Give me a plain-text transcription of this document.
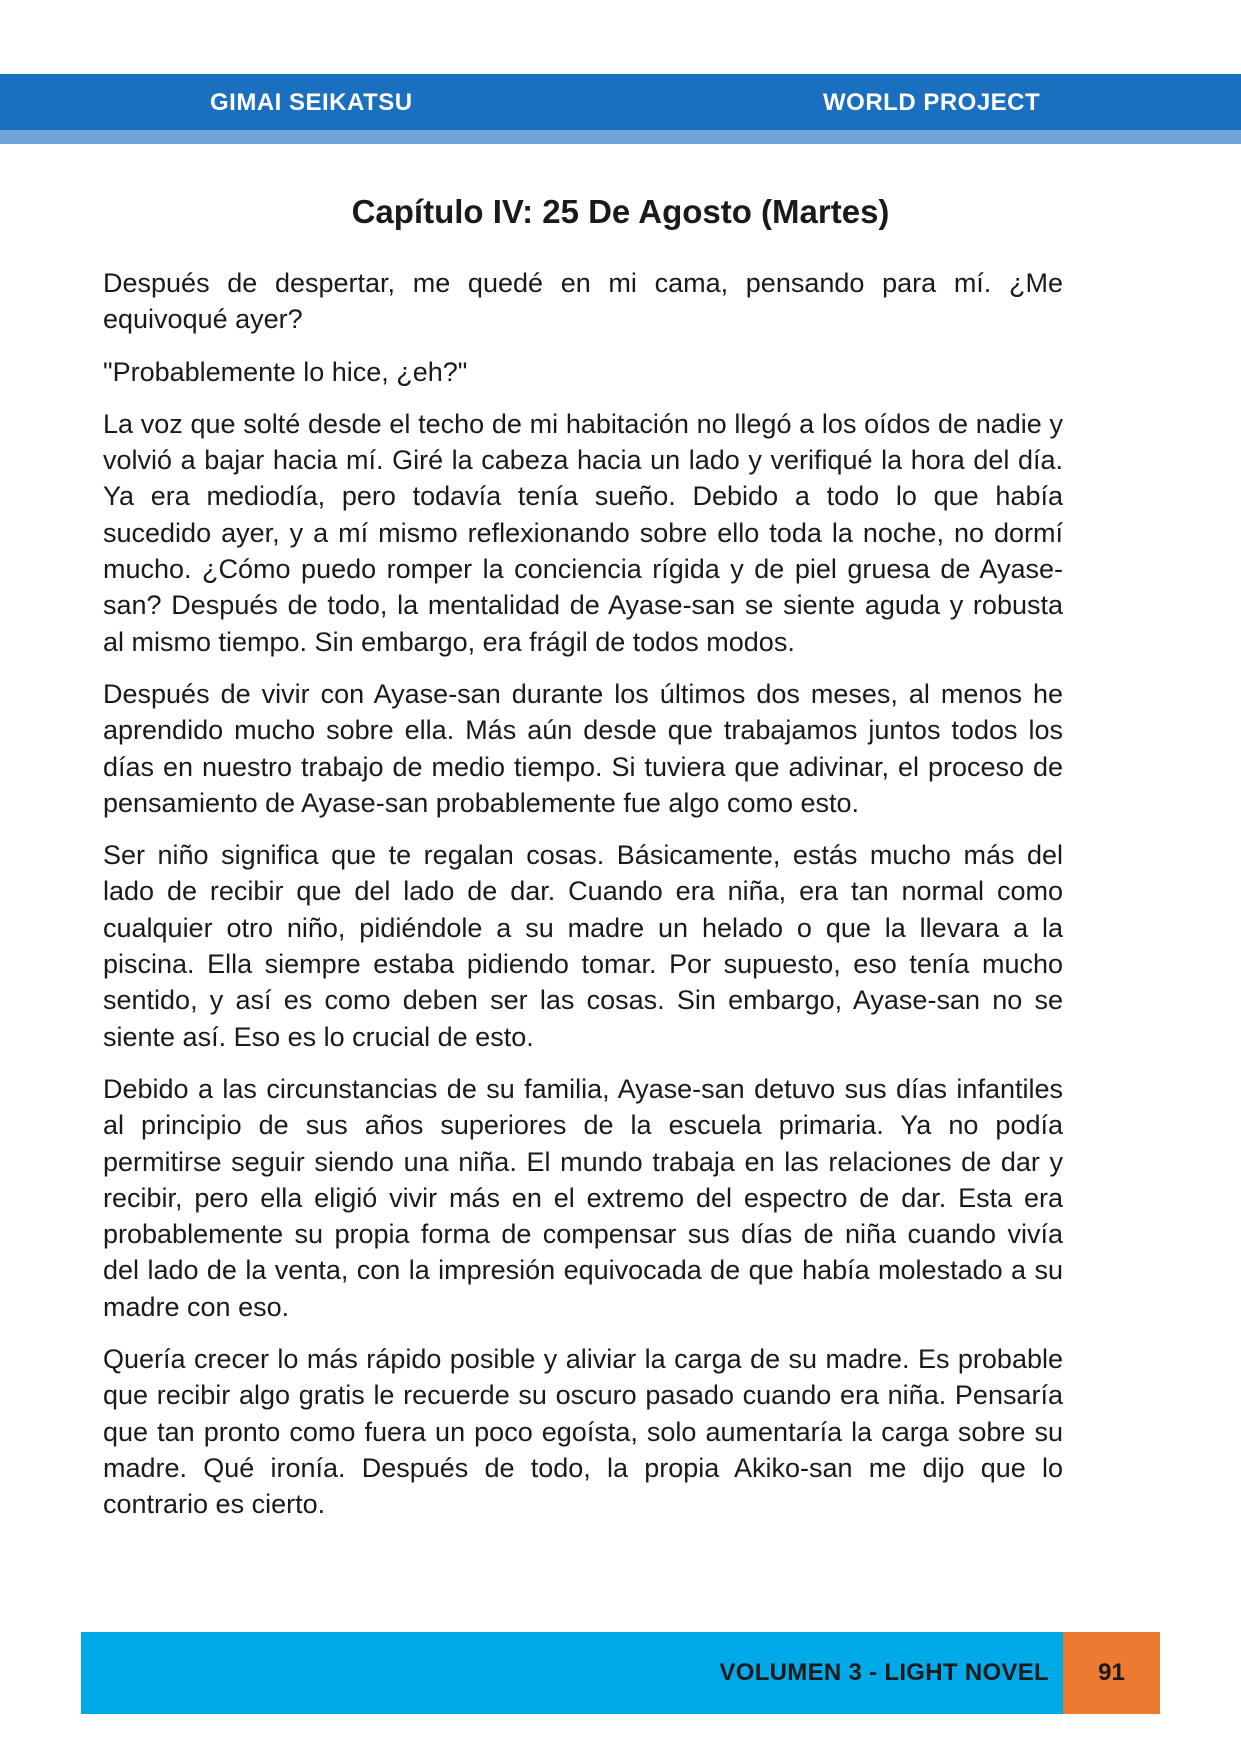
GIMAI SEIKATSU	WORLD PROJECT
Capítulo IV: 25 De Agosto (Martes)

Después de despertar, me quedé en mi cama, pensando para mí. ¿Me equivoqué ayer?

"Probablemente lo hice, ¿eh?"

La voz que solté desde el techo de mi habitación no llegó a los oídos de nadie y volvió a bajar hacia mí. Giré la cabeza hacia un lado y verifiqué la hora del día. Ya era mediodía, pero todavía tenía sueño. Debido a todo lo que había sucedido ayer, y a mí mismo reflexionando sobre ello toda la noche, no dormí mucho. ¿Cómo puedo romper la conciencia rígida y de piel gruesa de Ayase-san? Después de todo, la mentalidad de Ayase-san se siente aguda y robusta al mismo tiempo. Sin embargo, era frágil de todos modos.

Después de vivir con Ayase-san durante los últimos dos meses, al menos he aprendido mucho sobre ella. Más aún desde que trabajamos juntos todos los días en nuestro trabajo de medio tiempo. Si tuviera que adivinar, el proceso de pensamiento de Ayase-san probablemente fue algo como esto.

Ser niño significa que te regalan cosas. Básicamente, estás mucho más del lado de recibir que del lado de dar. Cuando era niña, era tan normal como cualquier otro niño, pidiéndole a su madre un helado o que la llevara a la piscina. Ella siempre estaba pidiendo tomar. Por supuesto, eso tenía mucho sentido, y así es como deben ser las cosas. Sin embargo, Ayase-san no se siente así. Eso es lo crucial de esto.

Debido a las circunstancias de su familia, Ayase-san detuvo sus días infantiles al principio de sus años superiores de la escuela primaria. Ya no podía permitirse seguir siendo una niña. El mundo trabaja en las relaciones de dar y recibir, pero ella eligió vivir más en el extremo del espectro de dar. Esta era probablemente su propia forma de compensar sus días de niña cuando vivía del lado de la venta, con la impresión equivocada de que había molestado a su madre con eso.

Quería crecer lo más rápido posible y aliviar la carga de su madre. Es probable que recibir algo gratis le recuerde su oscuro pasado cuando era niña. Pensaría que tan pronto como fuera un poco egoísta, solo aumentaría la carga sobre su madre. Qué ironía. Después de todo, la propia Akiko-san me dijo que lo contrario es cierto.

VOLUMEN 3 - LIGHT NOVEL	91
